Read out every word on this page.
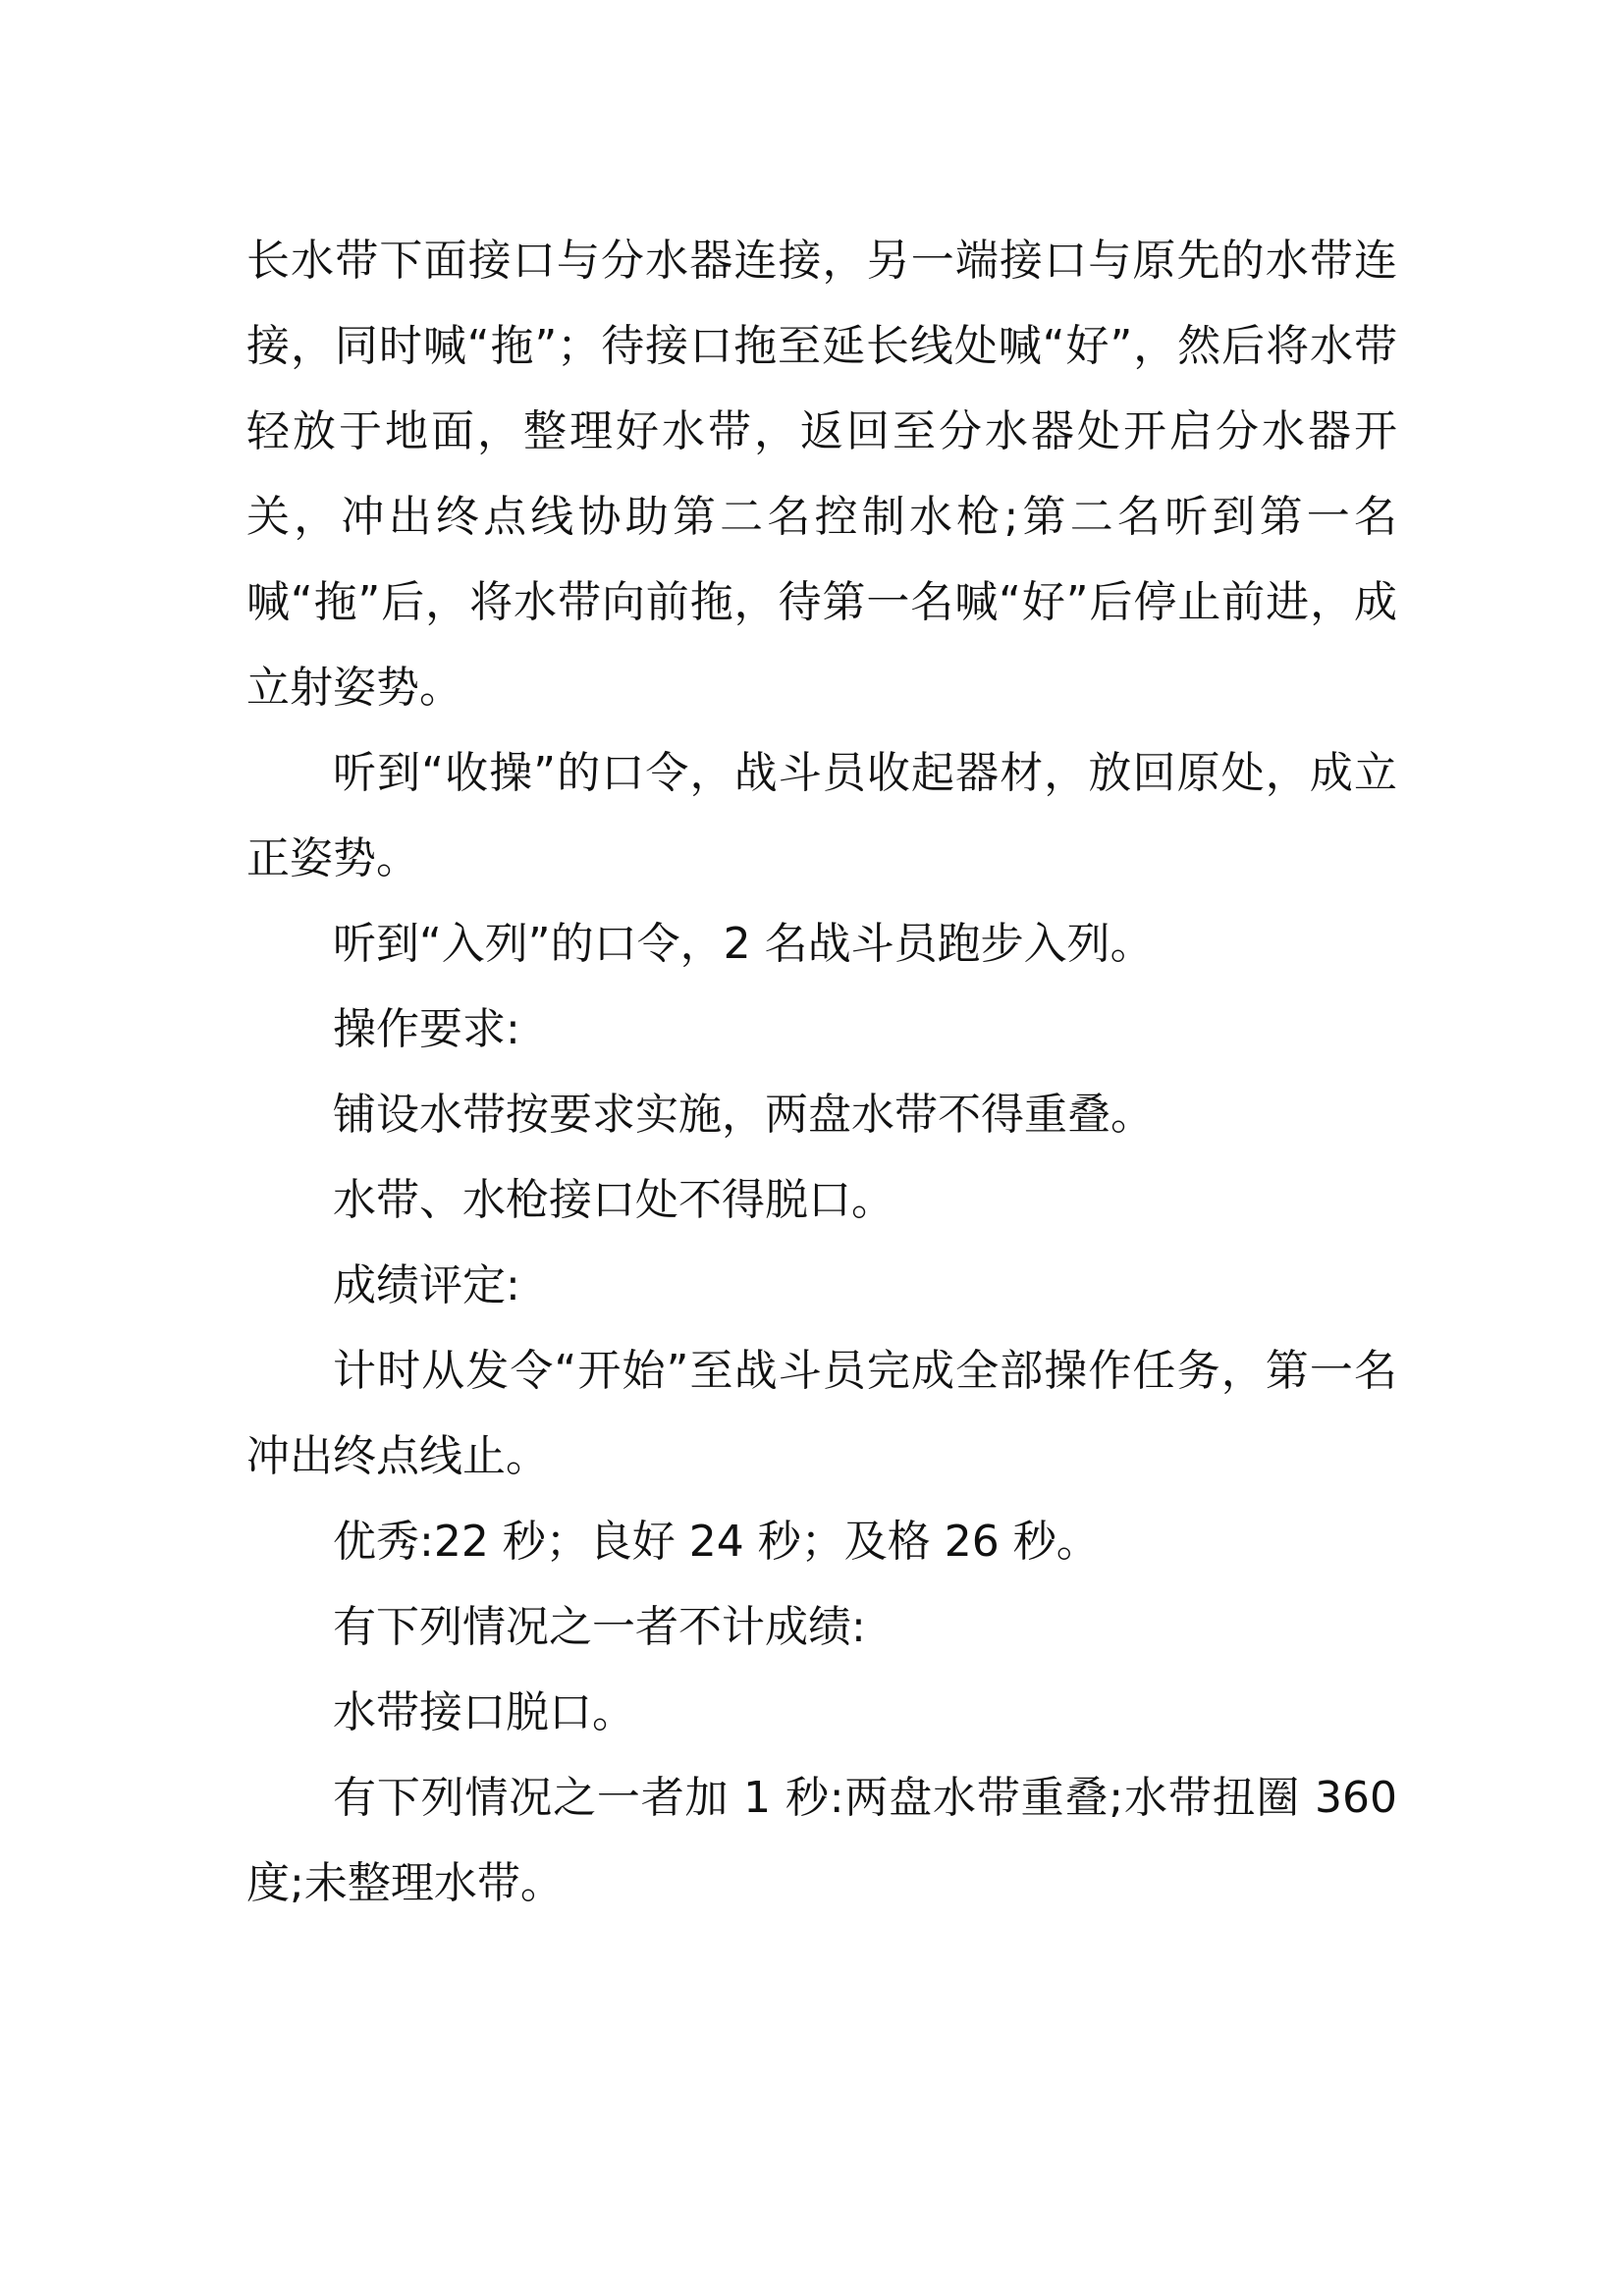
长水带下面接口与分水器连接，另一端接口与原先的水带连接，同时喊“拖”；待接口拖至延长线处喊“好”，然后将水带轻放于地面，整理好水带，返回至分水器处开启分水器开关，冲出终点线协助第二名控制水枪;第二名听到第一名喊“拖”后，将水带向前拖，待第一名喊“好”后停止前进，成立射姿势。

听到“收操”的口令，战斗员收起器材，放回原处，成立正姿势。

听到“入列”的口令，2 名战斗员跑步入列。

操作要求:

铺设水带按要求实施，两盘水带不得重叠。

水带、水枪接口处不得脱口。

成绩评定:

计时从发令“开始”至战斗员完成全部操作任务，第一名冲出终点线止。

优秀:22 秒；良好 24 秒；及格 26 秒。

有下列情况之一者不计成绩:

水带接口脱口。

有下列情况之一者加 1 秒:两盘水带重叠;水带扭圈 360 度;未整理水带。
